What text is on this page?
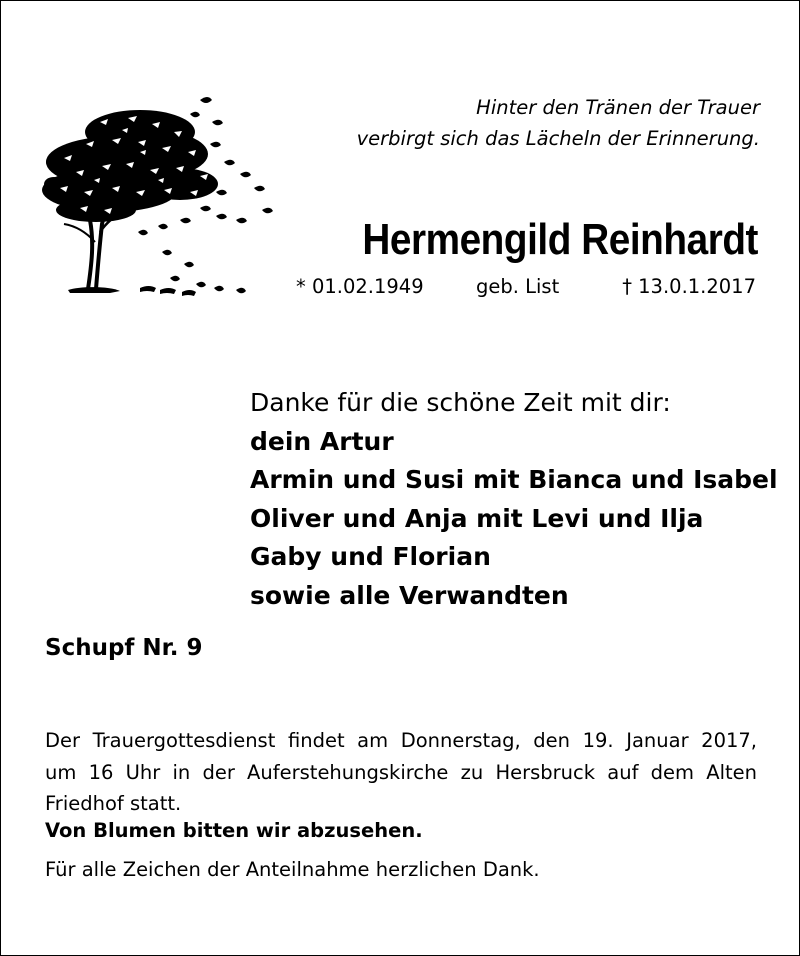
Hinter den Tränen der Trauer
verbirgt sich das Lächeln der Erinnerung.
Hermengild Reinhardt
* 01.02.1949	geb. List	† 13.0.1.2017
Danke für die schöne Zeit mit dir:
dein Artur
Armin und Susi mit Bianca und Isabel
Oliver und Anja mit Levi und Ilja
Gaby und Florian
sowie alle Verwandten
Schupf Nr. 9
Der Trauergottesdienst findet am Donnerstag, den 19. Januar 2017,
um 16 Uhr in der Auferstehungskirche zu Hersbruck auf dem Alten
Friedhof statt.
Von Blumen bitten wir abzusehen.
Für alle Zeichen der Anteilnahme herzlichen Dank.
